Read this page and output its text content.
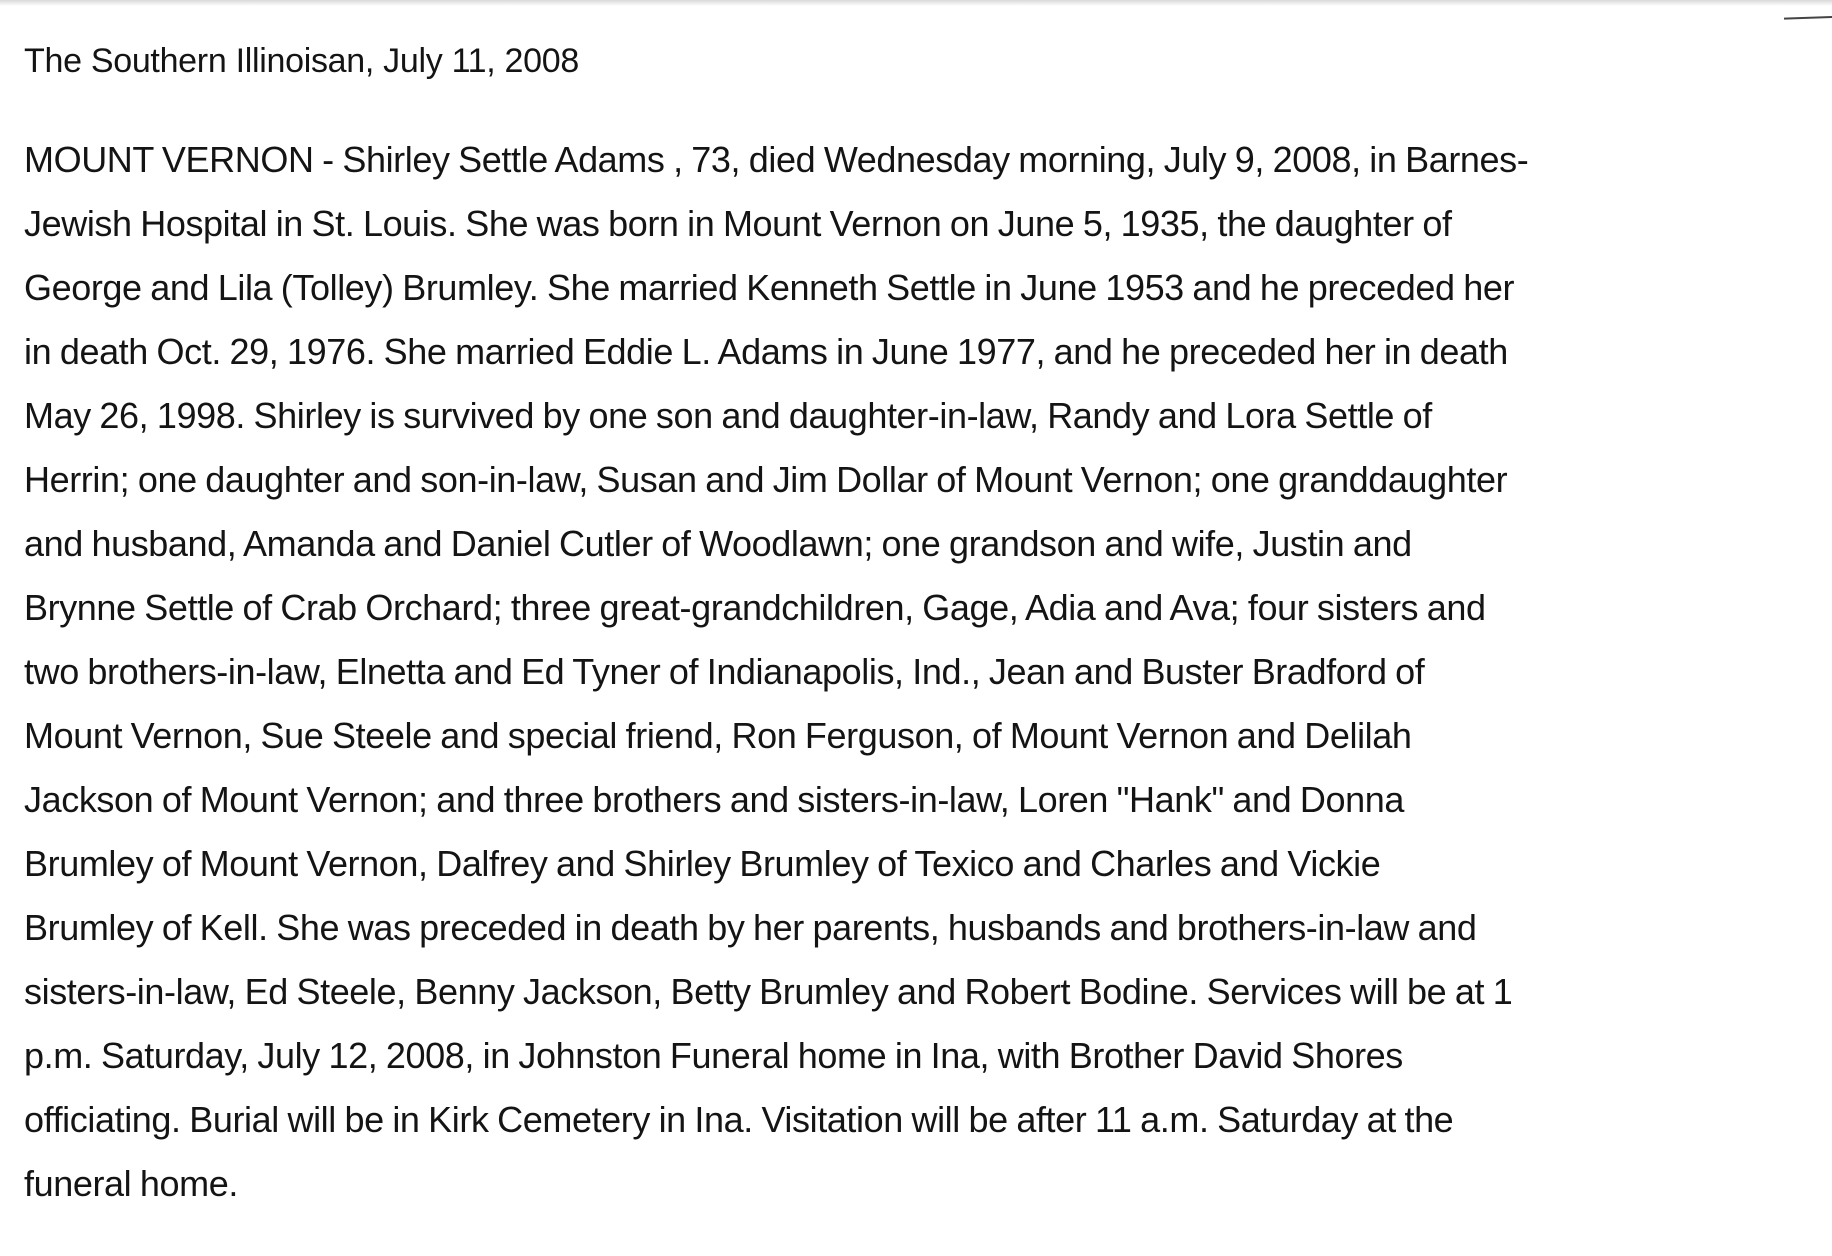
The Southern Illinoisan, July 11, 2008

MOUNT VERNON - Shirley Settle Adams , 73, died Wednesday morning, July 9, 2008, in Barnes-
Jewish Hospital in St. Louis. She was born in Mount Vernon on June 5, 1935, the daughter of
George and Lila (Tolley) Brumley. She married Kenneth Settle in June 1953 and he preceded her
in death Oct. 29, 1976. She married Eddie L. Adams in June 1977, and he preceded her in death
May 26, 1998. Shirley is survived by one son and daughter-in-law, Randy and Lora Settle of
Herrin; one daughter and son-in-law, Susan and Jim Dollar of Mount Vernon; one granddaughter
and husband, Amanda and Daniel Cutler of Woodlawn; one grandson and wife, Justin and
Brynne Settle of Crab Orchard; three great-grandchildren, Gage, Adia and Ava; four sisters and
two brothers-in-law, Elnetta and Ed Tyner of Indianapolis, Ind., Jean and Buster Bradford of
Mount Vernon, Sue Steele and special friend, Ron Ferguson, of Mount Vernon and Delilah
Jackson of Mount Vernon; and three brothers and sisters-in-law, Loren "Hank" and Donna
Brumley of Mount Vernon, Dalfrey and Shirley Brumley of Texico and Charles and Vickie
Brumley of Kell. She was preceded in death by her parents, husbands and brothers-in-law and
sisters-in-law, Ed Steele, Benny Jackson, Betty Brumley and Robert Bodine. Services will be at 1
p.m. Saturday, July 12, 2008, in Johnston Funeral home in Ina, with Brother David Shores
officiating. Burial will be in Kirk Cemetery in Ina. Visitation will be after 11 a.m. Saturday at the
funeral home.
